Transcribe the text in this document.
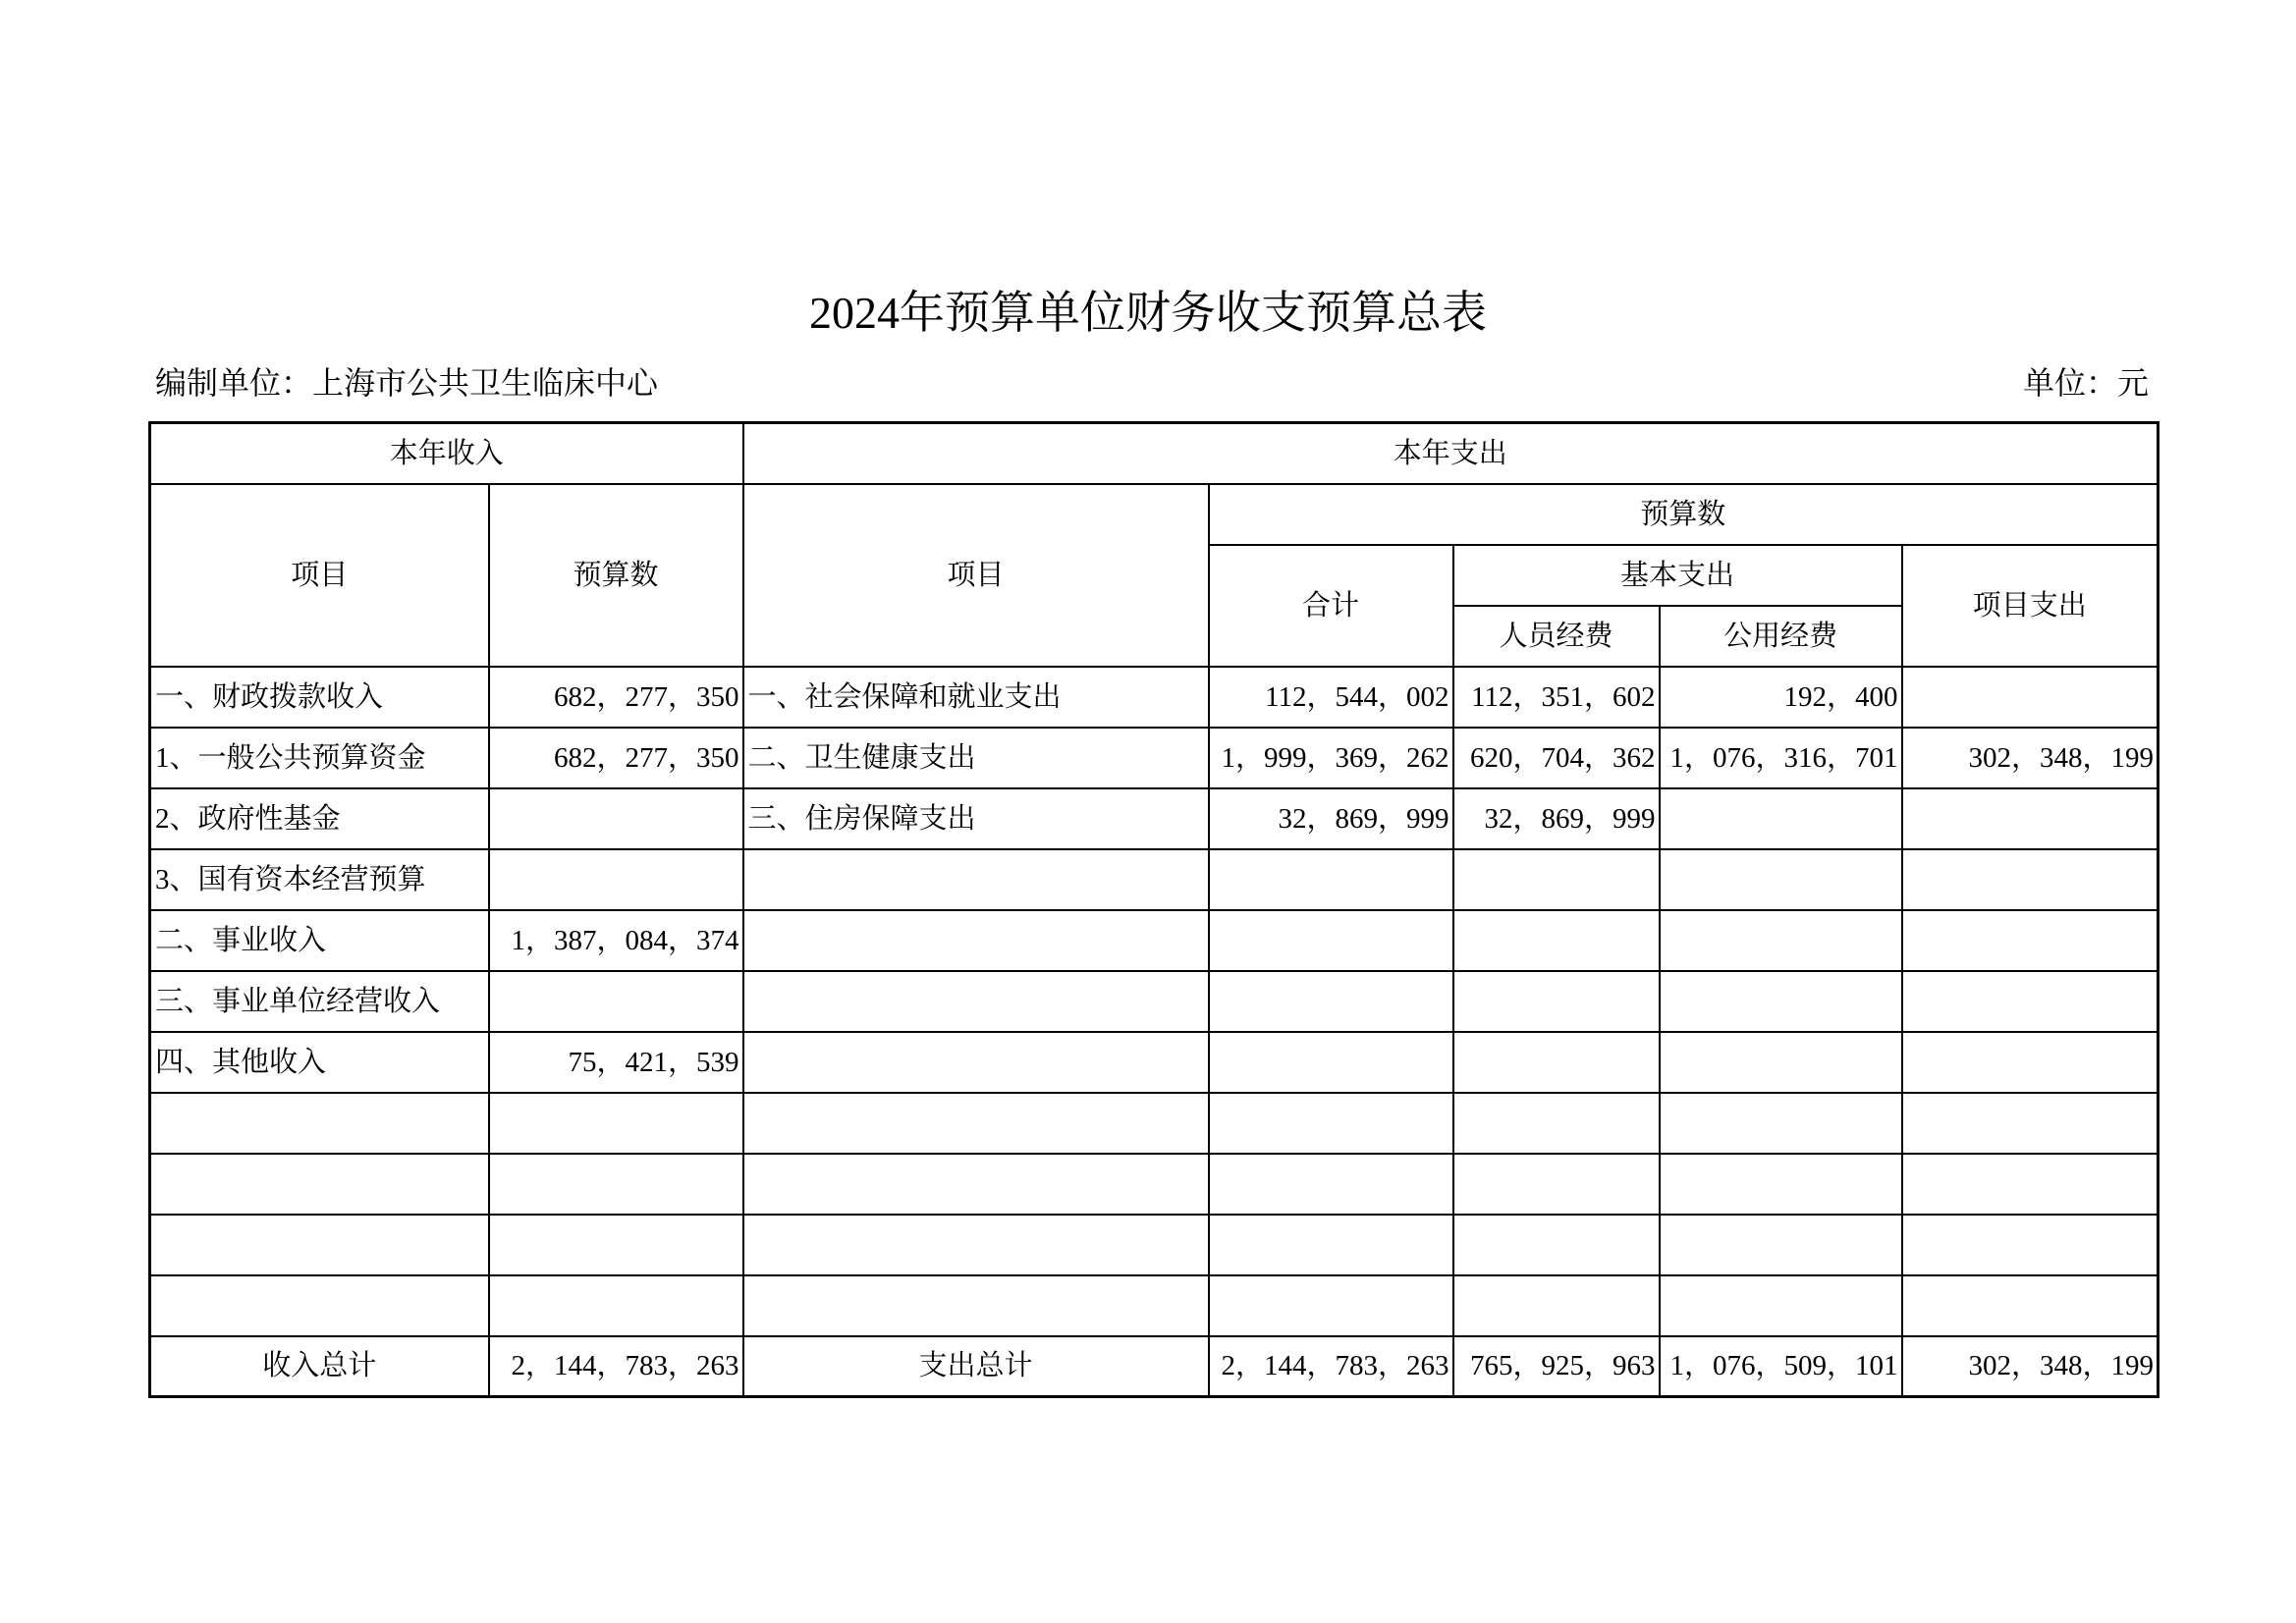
2024年预算单位财务收支预算总表
编制单位：上海市公共卫生临床中心	单位：元
本年收入		本年支出				
项目	预算数	项目	预算数			
			合计	基本支出		项目支出
				人员经费	公用经费	
一、财政拨款收入	682，277，350	一、社会保障和就业支出	112，544，002	112，351，602	192，400	
1、一般公共预算资金	682，277，350	二、卫生健康支出	1，999，369，262	620，704，362	1，076，316，701	302，348，199
2、政府性基金		三、住房保障支出	32，869，999	32，869，999		
3、国有资本经营预算						
二、事业收入	1，387，084，374					
三、事业单位经营收入						
四、其他收入	75，421，539					

收入总计	2，144，783，263	支出总计	2，144，783，263	765，925，963	1，076，509，101	302，348，199
